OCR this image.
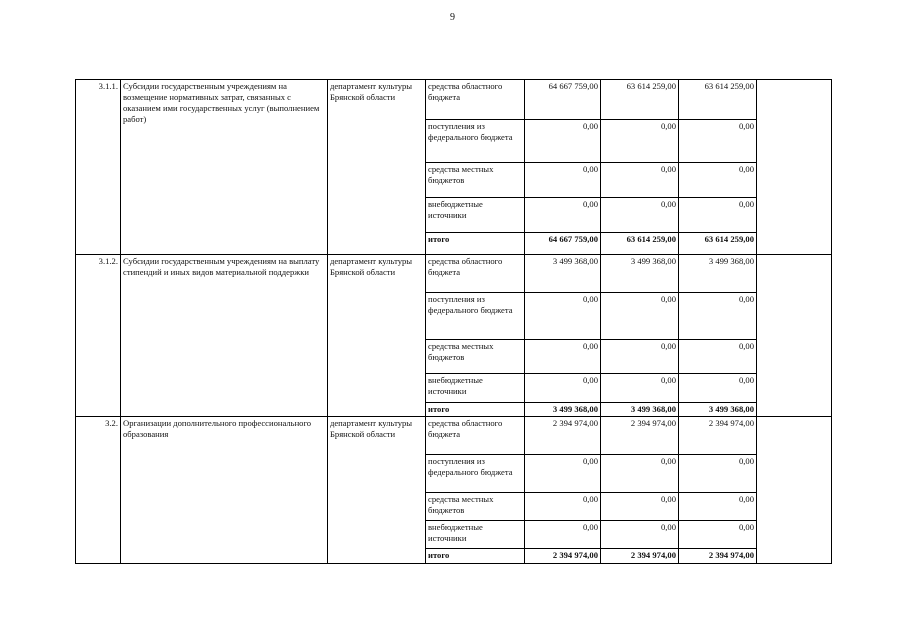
9
3.1.1.	Субсидии государственным учреждениям на возмещение нормативных затрат, связанных с оказанием ими государственных услуг (выполнением работ)	департамент культуры Брянской области	средства областного бюджета	64 667 759,00	63 614 259,00	63 614 259,00	
			поступления из федерального бюджета	0,00	0,00	0,00	
			средства местных бюджетов	0,00	0,00	0,00	
			внебюджетные источники	0,00	0,00	0,00	
			итого	64 667 759,00	63 614 259,00	63 614 259,00	
3.1.2.	Субсидии государственным учреждениям на выплату стипендий и иных видов материальной поддержки	департамент культуры Брянской области	средства областного бюджета	3 499 368,00	3 499 368,00	3 499 368,00	
			поступления из федерального бюджета	0,00	0,00	0,00	
			средства местных бюджетов	0,00	0,00	0,00	
			внебюджетные источники	0,00	0,00	0,00	
			итого	3 499 368,00	3 499 368,00	3 499 368,00	
3.2.	Организации дополнительного профессионального образования	департамент культуры Брянской области	средства областного бюджета	2 394 974,00	2 394 974,00	2 394 974,00	
			поступления из федерального бюджета	0,00	0,00	0,00	
			средства местных бюджетов	0,00	0,00	0,00	
			внебюджетные источники	0,00	0,00	0,00	
			итого	2 394 974,00	2 394 974,00	2 394 974,00	
